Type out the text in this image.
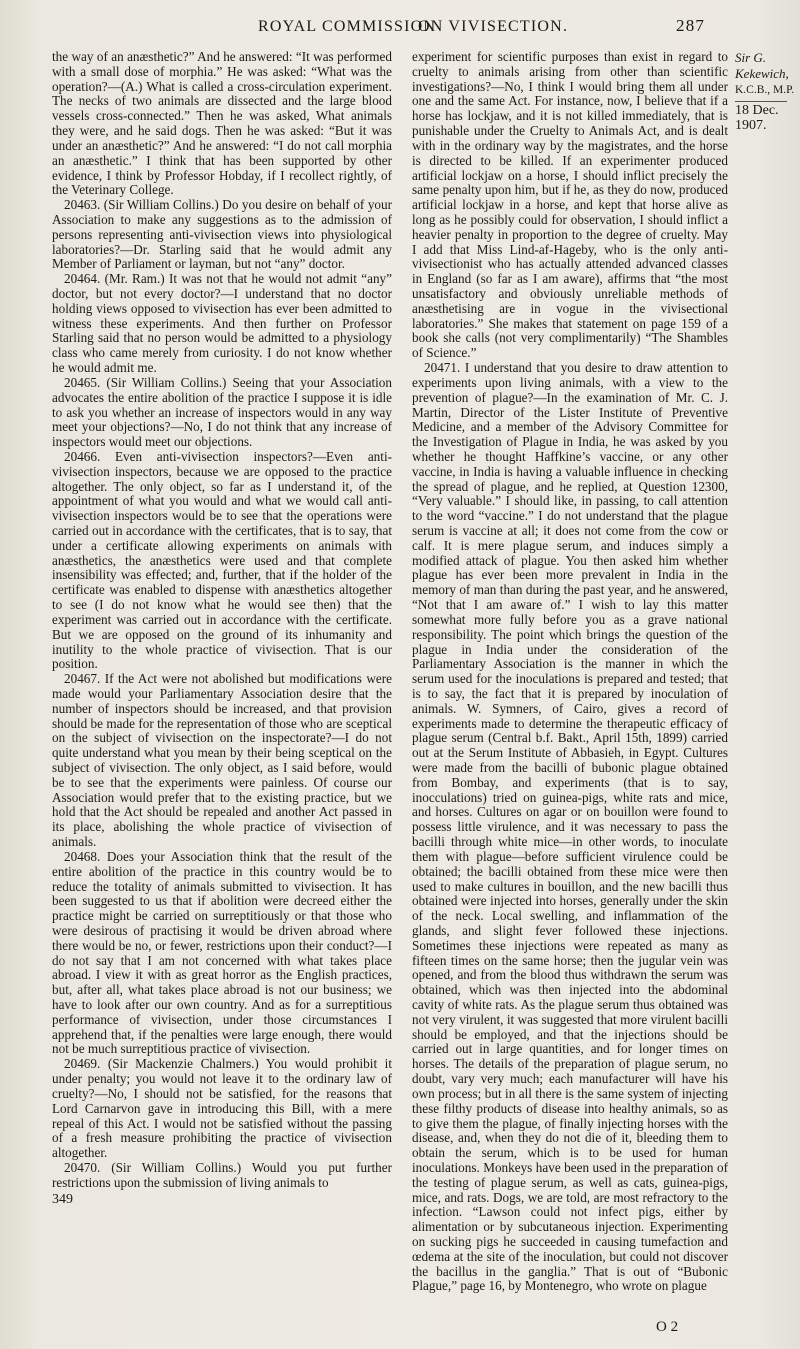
ROYAL COMMISSION
ON VIVISECTION.	287

the way of an anæsthetic?” And he answered: “It was performed with a small dose of morphia.” He was asked: “What was the operation?—(A.) What is called a cross-circulation experiment. The necks of two animals are dissected and the large blood vessels cross-connected.” Then he was asked, What animals they were, and he said dogs. Then he was asked: “But it was under an anæsthetic?” And he answered: “I do not call morphia an anæsthetic.” I think that has been supported by other evidence, I think by Professor Hobday, if I recollect rightly, of the Veterinary College.

20463. (Sir William Collins.) Do you desire on behalf of your Association to make any suggestions as to the admission of persons representing anti-vivisection views into physiological laboratories?—Dr. Starling said that he would admit any Member of Parliament or layman, but not “any” doctor.

20464. (Mr. Ram.) It was not that he would not admit “any” doctor, but not every doctor?—I understand that no doctor holding views opposed to vivisection has ever been admitted to witness these experiments. And then further on Professor Starling said that no person would be admitted to a physiology class who came merely from curiosity. I do not know whether he would admit me.

20465. (Sir William Collins.) Seeing that your Association advocates the entire abolition of the practice I suppose it is idle to ask you whether an increase of inspectors would in any way meet your objections?—No, I do not think that any increase of inspectors would meet our objections.

20466. Even anti-vivisection inspectors?—Even anti-vivisection inspectors, because we are opposed to the practice altogether. The only object, so far as I understand it, of the appointment of what you would and what we would call anti-vivisection inspectors would be to see that the operations were carried out in accordance with the certificates, that is to say, that under a certificate allowing experiments on animals with anæsthetics, the anæsthetics were used and that complete insensibility was effected; and, further, that if the holder of the certificate was enabled to dispense with anæsthetics altogether to see (I do not know what he would see then) that the experiment was carried out in accordance with the certificate. But we are opposed on the ground of its inhumanity and inutility to the whole practice of vivisection. That is our position.

20467. If the Act were not abolished but modifications were made would your Parliamentary Association desire that the number of inspectors should be increased, and that provision should be made for the representation of those who are sceptical on the subject of vivisection on the inspectorate?—I do not quite understand what you mean by their being sceptical on the subject of vivisection. The only object, as I said before, would be to see that the experiments were painless. Of course our Association would prefer that to the existing practice, but we hold that the Act should be repealed and another Act passed in its place, abolishing the whole practice of vivisection of animals.

20468. Does your Association think that the result of the entire abolition of the practice in this country would be to reduce the totality of animals submitted to vivisection. It has been suggested to us that if abolition were decreed either the practice might be carried on surreptitiously or that those who were desirous of practising it would be driven abroad where there would be no, or fewer, restrictions upon their conduct?—I do not say that I am not concerned with what takes place abroad. I view it with as great horror as the English practices, but, after all, what takes place abroad is not our business; we have to look after our own country. And as for a surreptitious performance of vivisection, under those circumstances I apprehend that, if the penalties were large enough, there would not be much surreptitious practice of vivisection.

20469. (Sir Mackenzie Chalmers.) You would prohibit it under penalty; you would not leave it to the ordinary law of cruelty?—No, I should not be satisfied, for the reasons that Lord Carnarvon gave in introducing this Bill, with a mere repeal of this Act. I would not be satisfied without the passing of a fresh measure prohibiting the practice of vivisection altogether.

20470. (Sir William Collins.) Would you put further restrictions upon the submission of living animals to

349

experiment for scientific purposes than exist in regard to cruelty to animals arising from other than scientific investigations?—No, I think I would bring them all under one and the same Act. For instance, now, I believe that if a horse has lockjaw, and it is not killed immediately, that is punishable under the Cruelty to Animals Act, and is dealt with in the ordinary way by the magistrates, and the horse is directed to be killed. If an experimenter produced artificial lockjaw on a horse, I should inflict precisely the same penalty upon him, but if he, as they do now, produced artificial lockjaw in a horse, and kept that horse alive as long as he possibly could for observation, I should inflict a heavier penalty in proportion to the degree of cruelty. May I add that Miss Lind-af-Hageby, who is the only anti-vivisectionist who has actually attended advanced classes in England (so far as I am aware), affirms that “the most unsatisfactory and obviously unreliable methods of anæsthetising are in vogue in the vivisectional laboratories.” She makes that statement on page 159 of a book she calls (not very complimentarily) “The Shambles of Science.”

20471. I understand that you desire to draw attention to experiments upon living animals, with a view to the prevention of plague?—In the examination of Mr. C. J. Martin, Director of the Lister Institute of Preventive Medicine, and a member of the Advisory Committee for the Investigation of Plague in India, he was asked by you whether he thought Haffkine’s vaccine, or any other vaccine, in India is having a valuable influence in checking the spread of plague, and he replied, at Question 12300, “Very valuable.” I should like, in passing, to call attention to the word “vaccine.” I do not understand that the plague serum is vaccine at all; it does not come from the cow or calf. It is mere plague serum, and induces simply a modified attack of plague. You then asked him whether plague has ever been more prevalent in India in the memory of man than during the past year, and he answered, “Not that I am aware of.” I wish to lay this matter somewhat more fully before you as a grave national responsibility. The point which brings the question of the plague in India under the consideration of the Parliamentary Association is the manner in which the serum used for the inoculations is prepared and tested; that is to say, the fact that it is prepared by inoculation of animals. W. Symners, of Cairo, gives a record of experiments made to determine the therapeutic efficacy of plague serum (Central b.f. Bakt., April 15th, 1899) carried out at the Serum Institute of Abbasieh, in Egypt. Cultures were made from the bacilli of bubonic plague obtained from Bombay, and experiments (that is to say, inocculations) tried on guinea-pigs, white rats and mice, and horses. Cultures on agar or on bouillon were found to possess little virulence, and it was necessary to pass the bacilli through white mice—in other words, to inoculate them with plague—before sufficient virulence could be obtained; the bacilli obtained from these mice were then used to make cultures in bouillon, and the new bacilli thus obtained were injected into horses, generally under the skin of the neck. Local swelling, and inflammation of the glands, and slight fever followed these injections. Sometimes these injections were repeated as many as fifteen times on the same horse; then the jugular vein was opened, and from the blood thus withdrawn the serum was obtained, which was then injected into the abdominal cavity of white rats. As the plague serum thus obtained was not very virulent, it was suggested that more virulent bacilli should be employed, and that the injections should be carried out in large quantities, and for longer times on horses. The details of the preparation of plague serum, no doubt, vary very much; each manufacturer will have his own process; but in all there is the same system of injecting these filthy products of disease into healthy animals, so as to give them the plague, of finally injecting horses with the disease, and, when they do not die of it, bleeding them to obtain the serum, which is to be used for human inoculations. Monkeys have been used in the preparation of the testing of plague serum, as well as cats, guinea-pigs, mice, and rats. Dogs, we are told, are most refractory to the infection. “Lawson could not infect pigs, either by alimentation or by subcutaneous injection. Experimenting on sucking pigs he succeeded in causing tumefaction and œdema at the site of the inoculation, but could not discover the bacillus in the ganglia.” That is out of “Bubonic Plague,” page 16, by Montenegro, who wrote on plague

Sir G.
Kekewich,
K.C.B., M.P.
18 Dec. 1907.
O 2
